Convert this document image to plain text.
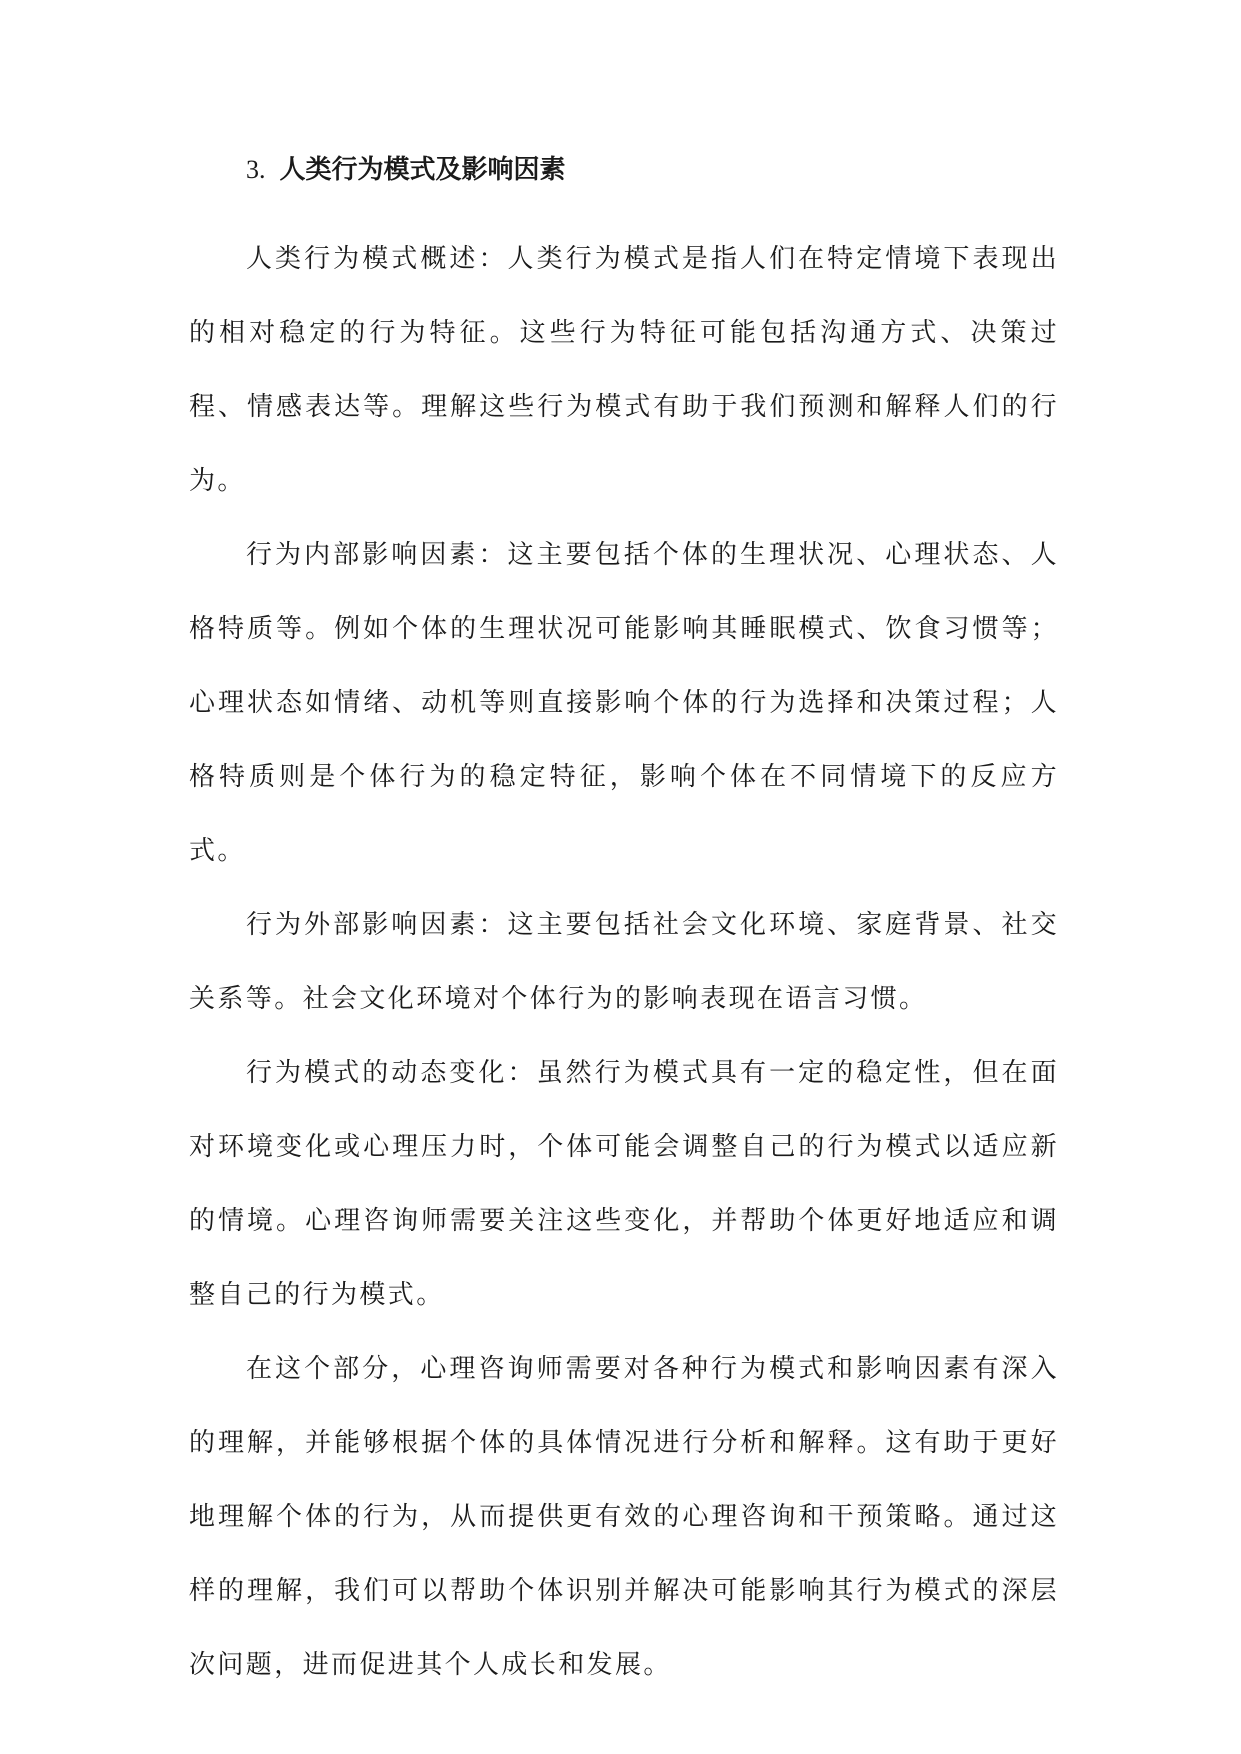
3. 人类行为模式及影响因素

人类行为模式概述：人类行为模式是指人们在特定情境下表现出的相对稳定的行为特征。这些行为特征可能包括沟通方式、决策过程、情感表达等。理解这些行为模式有助于我们预测和解释人们的行为。

行为内部影响因素：这主要包括个体的生理状况、心理状态、人格特质等。例如个体的生理状况可能影响其睡眠模式、饮食习惯等；心理状态如情绪、动机等则直接影响个体的行为选择和决策过程；人格特质则是个体行为的稳定特征，影响个体在不同情境下的反应方式。

行为外部影响因素：这主要包括社会文化环境、家庭背景、社交关系等。社会文化环境对个体行为的影响表现在语言习惯。

行为模式的动态变化：虽然行为模式具有一定的稳定性，但在面对环境变化或心理压力时，个体可能会调整自己的行为模式以适应新的情境。心理咨询师需要关注这些变化，并帮助个体更好地适应和调整自己的行为模式。

在这个部分，心理咨询师需要对各种行为模式和影响因素有深入的理解，并能够根据个体的具体情况进行分析和解释。这有助于更好地理解个体的行为，从而提供更有效的心理咨询和干预策略。通过这样的理解，我们可以帮助个体识别并解决可能影响其行为模式的深层次问题，进而促进其个人成长和发展。
